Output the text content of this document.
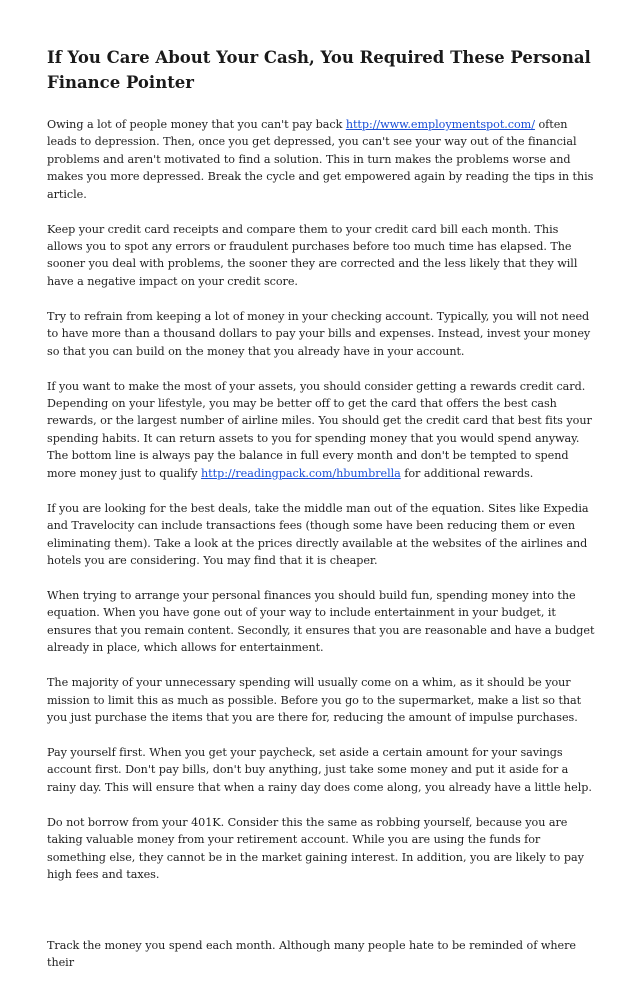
If You Care About Your Cash, You Required These Personal Finance Pointer

Owing a lot of people money that you can't pay back http://www.employmentspot.com/ often leads to depression. Then, once you get depressed, you can't see your way out of the financial problems and aren't motivated to find a solution. This in turn makes the problems worse and makes you more depressed. Break the cycle and get empowered again by reading the tips in this article.

Keep your credit card receipts and compare them to your credit card bill each month. This allows you to spot any errors or fraudulent purchases before too much time has elapsed. The sooner you deal with problems, the sooner they are corrected and the less likely that they will have a negative impact on your credit score.

Try to refrain from keeping a lot of money in your checking account. Typically, you will not need to have more than a thousand dollars to pay your bills and expenses. Instead, invest your money so that you can build on the money that you already have in your account.

If you want to make the most of your assets, you should consider getting a rewards credit card. Depending on your lifestyle, you may be better off to get the card that offers the best cash rewards, or the largest number of airline miles. You should get the credit card that best fits your spending habits. It can return assets to you for spending money that you would spend anyway. The bottom line is always pay the balance in full every month and don't be tempted to spend more money just to qualify http://readingpack.com/hbumbrella for additional rewards.

If you are looking for the best deals, take the middle man out of the equation. Sites like Expedia and Travelocity can include transactions fees (though some have been reducing them or even eliminating them). Take a look at the prices directly available at the websites of the airlines and hotels you are considering. You may find that it is cheaper.

When trying to arrange your personal finances you should build fun, spending money into the equation. When you have gone out of your way to include entertainment in your budget, it ensures that you remain content. Secondly, it ensures that you are reasonable and have a budget already in place, which allows for entertainment.

The majority of your unnecessary spending will usually come on a whim, as it should be your mission to limit this as much as possible. Before you go to the supermarket, make a list so that you just purchase the items that you are there for, reducing the amount of impulse purchases.

Pay yourself first. When you get your paycheck, set aside a certain amount for your savings account first. Don't pay bills, don't buy anything, just take some money and put it aside for a rainy day. This will ensure that when a rainy day does come along, you already have a little help.

Do not borrow from your 401K. Consider this the same as robbing yourself, because you are taking valuable money from your retirement account. While you are using the funds for something else, they cannot be in the market gaining interest. In addition, you are likely to pay high fees and taxes.

Track the money you spend each month. Although many people hate to be reminded of where their
